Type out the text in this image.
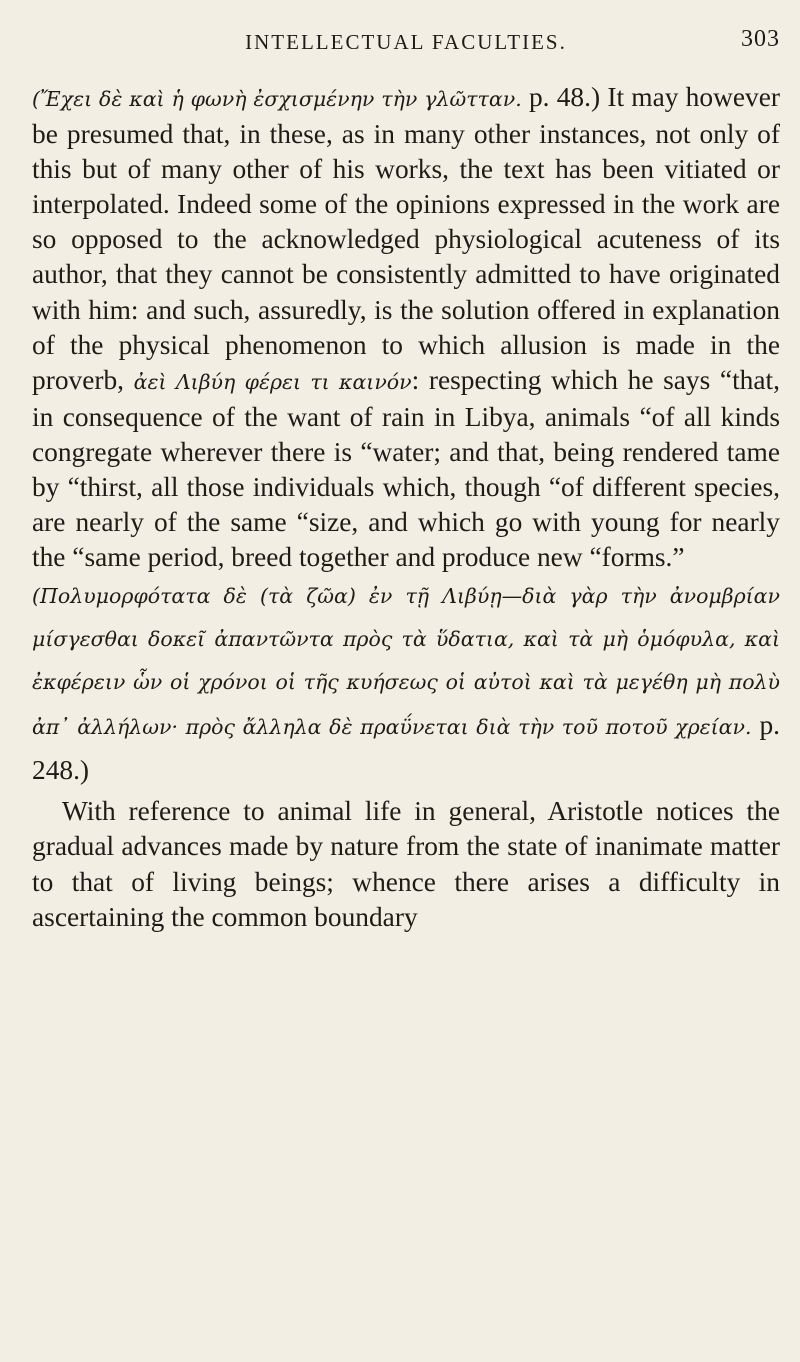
INTELLECTUAL FACULTIES.	303

(Ἔχει δὲ καὶ ἡ φωνὴ ἐσχισμένην τὴν γλῶτταν. p. 48.) It may however be presumed that, in these, as in many other instances, not only of this but of many other of his works, the text has been vitiated or interpolated. Indeed some of the opinions expressed in the work are so opposed to the acknowledged physiological acuteness of its author, that they cannot be consistently admitted to have originated with him: and such, assuredly, is the solution offered in explanation of the physical phenomenon to which allusion is made in the proverb, ἀεὶ Λιβύη φέρει τι καινόν: respecting which he says “that, in consequence of the want of rain in Libya, animals “of all kinds congregate wherever there is “water; and that, being rendered tame by “thirst, all those individuals which, though “of different species, are nearly of the same “size, and which go with young for nearly the “same period, breed together and produce new “forms.”

(Πολυμορφότατα δὲ (τὰ ζῶα) ἐν τῇ Λιβύῃ—διὰ γὰρ τὴν ἀνομβρίαν μίσγεσθαι δοκεῖ ἀπαντῶντα πρὸς τὰ ὕδατια, καὶ τὰ μὴ ὁμόφυλα, καὶ ἐκφέρειν ὧν οἱ χρόνοι οἱ τῆς κυήσεως οἱ αὐτοὶ καὶ τὰ μεγέθη μὴ πολὺ ἀπ᾽ ἀλλήλων· πρὸς ἄλληλα δὲ πραΰνεται διὰ τὴν τοῦ ποτοῦ χρείαν. p. 248.)

With reference to animal life in general, Aristotle notices the gradual advances made by nature from the state of inanimate matter to that of living beings; whence there arises a difficulty in ascertaining the common boundary
